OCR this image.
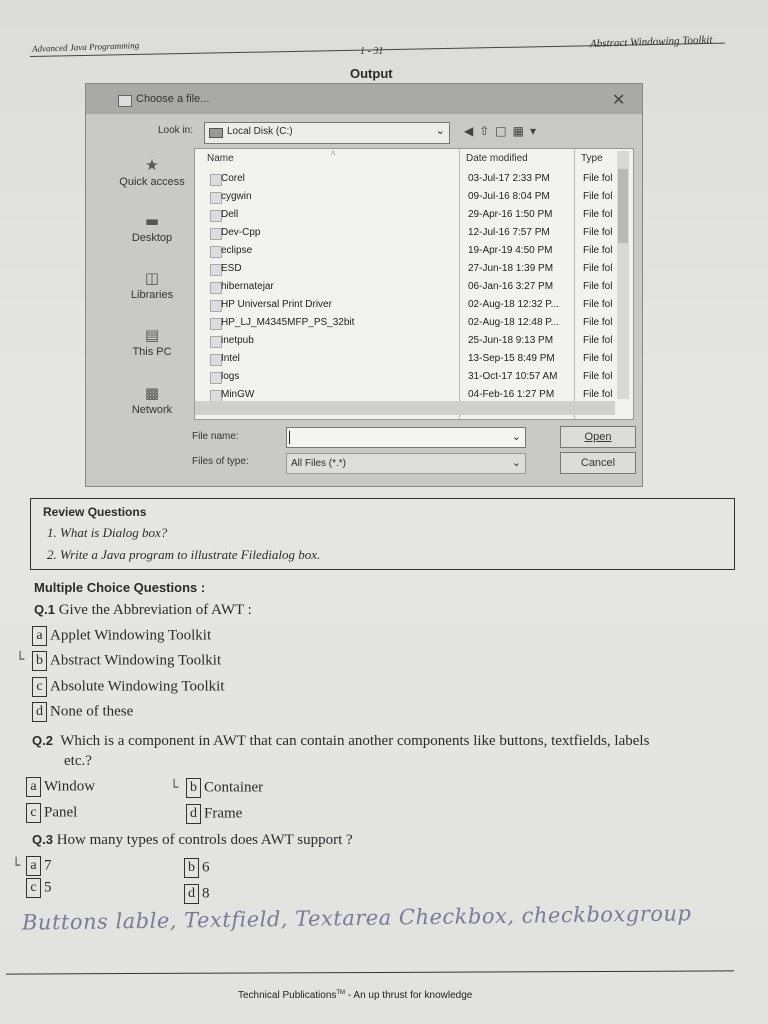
Advanced Java Programming	1 - 31
Abstract Windowing Toolkit
Output
Choose a file...	✕
Look in:	Local Disk (C:)	⌄ ◀⇧□▦▾
★
Quick access
▬
Desktop
◫
Libraries
▤
This PC
▩
Network
Name	^	Date modified	Type
Corel	03-Jul-17 2:33 PM	File fol
cygwin	09-Jul-16 8:04 PM	File fol
Dell	29-Apr-16 1:50 PM	File fol
Dev-Cpp	12-Jul-16 7:57 PM	File fol
eclipse	19-Apr-19 4:50 PM	File fol
ESD	27-Jun-18 1:39 PM	File fol
hibernatejar	06-Jan-16 3:27 PM	File fol
HP Universal Print Driver	02-Aug-18 12:32 P... File fol
HP_LJ_M4345MFP_PS_32bit	02-Aug-18 12:48 P... File fol
inetpub	25-Jun-18 9:13 PM	File fol
Intel	13-Sep-15 8:49 PM	File fol
logs	31-Oct-17 10:57 AM	File fol
MinGW	04-Feb-16 1:27 PM	File fol
File name:	⌄
Files of type:	All Files (*.*)	⌄
Open
Cancel
Review Questions
1. What is Dialog box?
2. Write a Java program to illustrate Filedialog box.
Multiple Choice Questions :
Q.1 Give the Abbreviation of AWT :
a Applet Windowing Toolkit
└ b Abstract Windowing Toolkit
c Absolute Windowing Toolkit
d None of these
Q.2 Which is a component in AWT that can contain another components like buttons, textfields, labels
etc.?
a Window	└ b Container
c Panel	d Frame
Q.3 How many types of controls does AWT support ?
└ a 7	b 6
c 5	d 8
Buttons lable, Textfield, Textarea Checkbox, checkboxgroup
Technical Publications™ - An up thrust for knowledge
